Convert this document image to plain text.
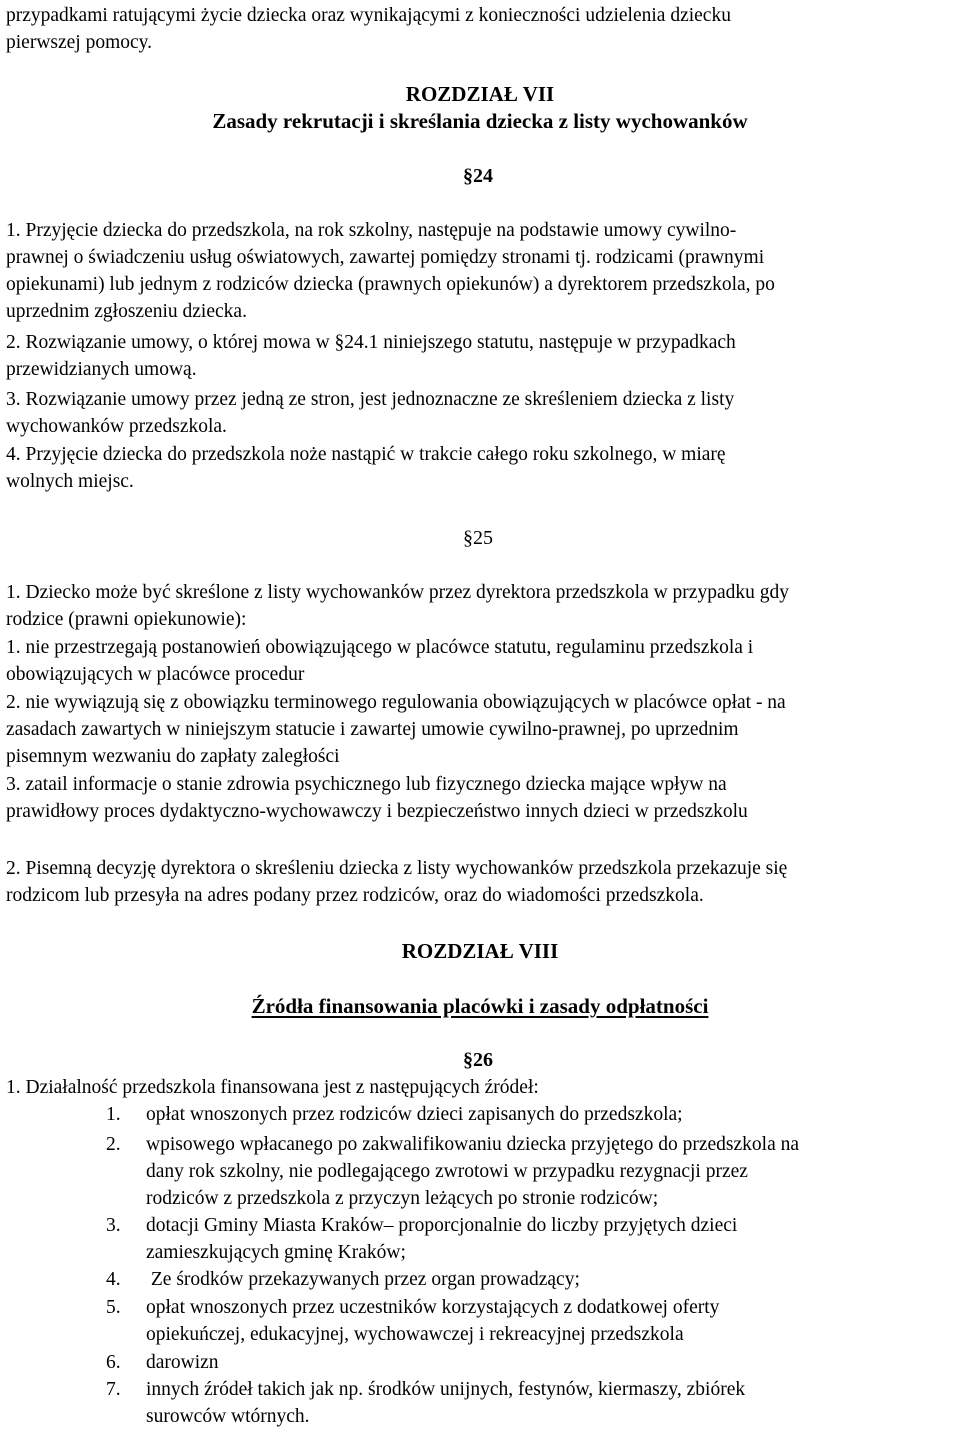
przypadkami ratującymi życie dziecka oraz wynikającymi z konieczności udzielenia dziecku
pierwszej pomocy.
ROZDZIAŁ VII
Zasady rekrutacji i skreślania dziecka z listy wychowanków
§24
1. Przyjęcie dziecka do przedszkola, na rok szkolny, następuje na podstawie umowy cywilno-
prawnej o świadczeniu usług oświatowych, zawartej pomiędzy stronami tj. rodzicami (prawnymi
opiekunami) lub jednym z rodziców dziecka (prawnych opiekunów) a dyrektorem przedszkola, po
uprzednim zgłoszeniu dziecka.
2. Rozwiązanie umowy, o której mowa w §24.1 niniejszego statutu, następuje w przypadkach
przewidzianych umową.
3. Rozwiązanie umowy przez jedną ze stron, jest jednoznaczne ze skreśleniem dziecka z listy
wychowanków przedszkola.
4. Przyjęcie dziecka do przedszkola noże nastąpić w trakcie całego roku szkolnego, w miarę
wolnych miejsc.
§25
1. Dziecko może być skreślone z listy wychowanków przez dyrektora przedszkola w przypadku gdy
rodzice (prawni opiekunowie):
1. nie przestrzegają postanowień obowiązującego w placówce statutu, regulaminu przedszkola i
obowiązujących w placówce procedur
2. nie wywiązują się z obowiązku terminowego regulowania obowiązujących w placówce opłat - na
zasadach zawartych w niniejszym statucie i zawartej umowie cywilno-prawnej, po uprzednim
pisemnym wezwaniu do zapłaty zaległości
3. zatail informacje o stanie zdrowia psychicznego lub fizycznego dziecka mające wpływ na
prawidłowy proces dydaktyczno-wychowawczy i bezpieczeństwo innych dzieci w przedszkolu
2. Pisemną decyzję dyrektora o skreśleniu dziecka z listy wychowanków przedszkola przekazuje się
rodzicom lub przesyła na adres podany przez rodziców, oraz do wiadomości przedszkola.
ROZDZIAŁ VIII
Źródła finansowania placówki i zasady odpłatności
§26
1. Działalność przedszkola finansowana jest z następujących źródeł:
1.	opłat wnoszonych przez rodziców dzieci zapisanych do przedszkola;
2.	wpisowego wpłacanego po zakwalifikowaniu dziecka przyjętego do przedszkola na
dany rok szkolny, nie podlegającego zwrotowi w przypadku rezygnacji przez
rodziców z przedszkola z przyczyn leżących po stronie rodziców;
3.	dotacji Gminy Miasta Kraków– proporcjonalnie do liczby przyjętych dzieci
zamieszkujących gminę Kraków;
4.	Ze środków przekazywanych przez organ prowadzący;
5.	opłat wnoszonych przez uczestników korzystających z dodatkowej oferty
opiekuńczej, edukacyjnej, wychowawczej i rekreacyjnej przedszkola
6.	darowizn
7.	innych źródeł takich jak np. środków unijnych, festynów, kiermaszy, zbiórek
surowców wtórnych.
